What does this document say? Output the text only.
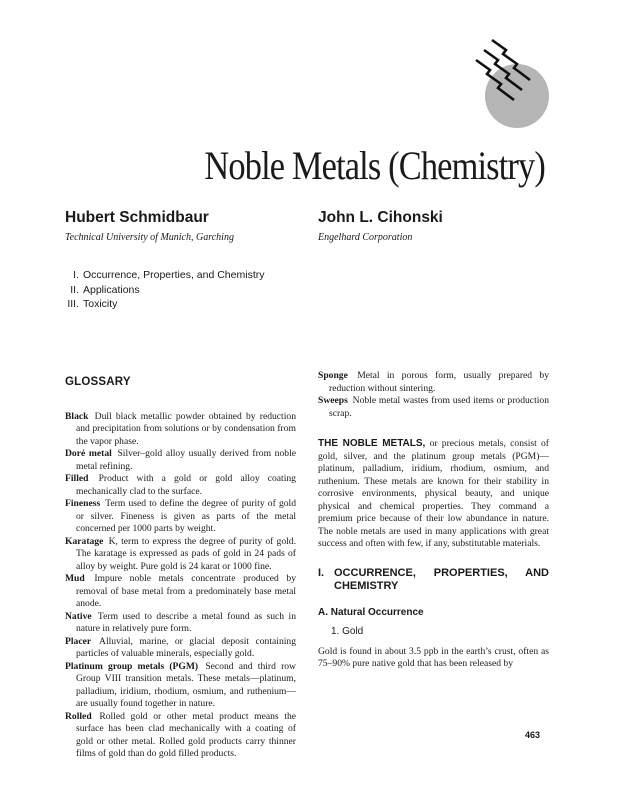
Noble Metals (Chemistry)
Hubert Schmidbaur
Technical University of Munich, Garching
John L. Cihonski
Engelhard Corporation
I. Occurrence, Properties, and Chemistry
II. Applications
III. Toxicity
GLOSSARY

Black Dull black metallic powder obtained by reduction and precipitation from solutions or by condensation from the vapor phase.

Doré metal Silver–gold alloy usually derived from noble metal refining.

Filled Product with a gold or gold alloy coating mechanically clad to the surface.

Fineness Term used to define the degree of purity of gold or silver. Fineness is given as parts of the metal concerned per 1000 parts by weight.

Karatage K, term to express the degree of purity of gold. The karatage is expressed as pads of gold in 24 pads of alloy by weight. Pure gold is 24 karat or 1000 fine.

Mud Impure noble metals concentrate produced by removal of base metal from a predominately base metal anode.

Native Term used to describe a metal found as such in nature in relatively pure form.

Placer Alluvial, marine, or glacial deposit containing particles of valuable minerals, especially gold.

Platinum group metals (PGM) Second and third row Group VIII transition metals. These metals—platinum, palladium, iridium, rhodium, osmium, and ruthenium—are usually found together in nature.

Rolled Rolled gold or other metal product means the surface has been clad mechanically with a coating of gold or other metal. Rolled gold products carry thinner films of gold than do gold filled products.

Sponge Metal in porous form, usually prepared by reduction without sintering.

Sweeps Noble metal wastes from used items or production scrap.

THE NOBLE METALS, or precious metals, consist of gold, silver, and the platinum group metals (PGM)—platinum, palladium, iridium, rhodium, osmium, and ruthenium. These metals are known for their stability in corrosive environments, physical beauty, and unique physical and chemical properties. They command a premium price because of their low abundance in nature. The noble metals are used in many applications with great success and often with few, if any, substitutable materials.

I. OCCURRENCE, PROPERTIES, AND CHEMISTRY
A. Natural Occurrence
1. Gold

Gold is found in about 3.5 ppb in the earth’s crust, often as 75–90% pure native gold that has been released by

463
